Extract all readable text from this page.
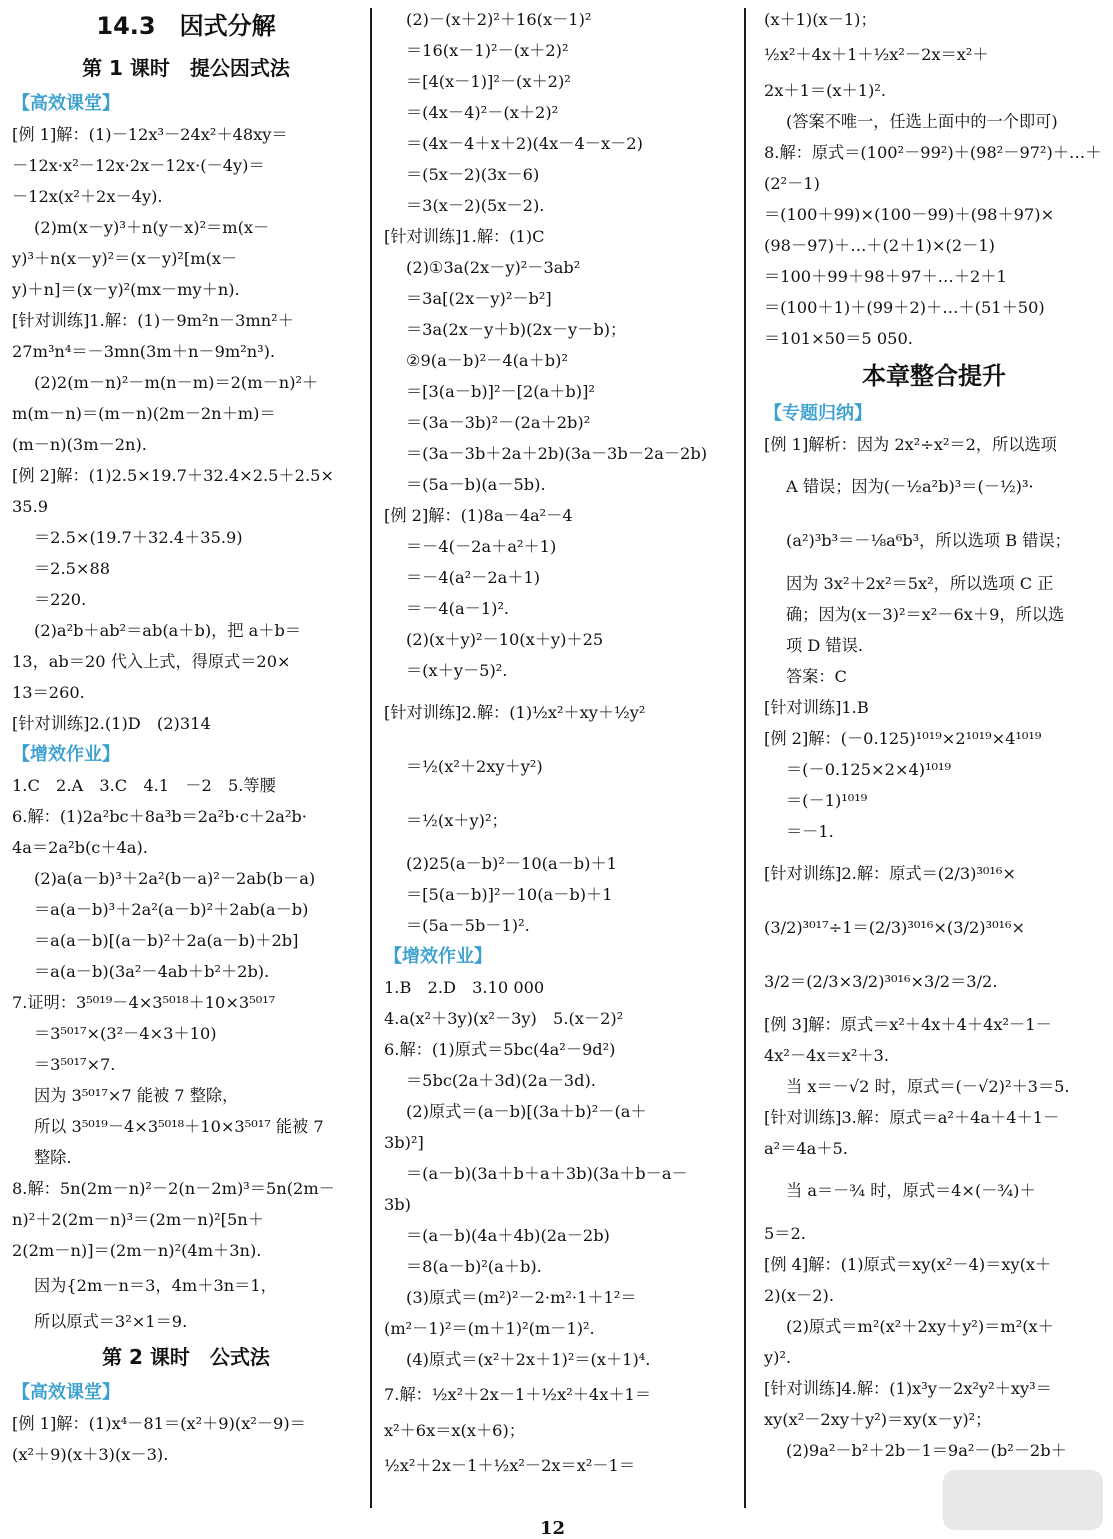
14.3　因式分解
第 1 课时　提公因式法
【高效课堂】
[例 1]解：(1)－12x³－24x²＋48xy＝
－12x·x²－12x·2x－12x·(－4y)＝
－12x(x²＋2x－4y).
(2)m(x－y)³＋n(y－x)²＝m(x－
y)³＋n(x－y)²＝(x－y)²[m(x－
y)＋n]＝(x－y)²(mx－my＋n).
[针对训练]1.解：(1)－9m²n－3mn²＋
27m³n⁴＝－3mn(3m＋n－9m²n³).
(2)2(m－n)²－m(n－m)＝2(m－n)²＋
m(m－n)＝(m－n)(2m－2n＋m)＝
(m－n)(3m－2n).
[例 2]解：(1)2.5×19.7＋32.4×2.5＋2.5×
35.9
＝2.5×(19.7＋32.4＋35.9)
＝2.5×88
＝220.
(2)a²b＋ab²＝ab(a＋b)，把 a＋b＝
13，ab＝20 代入上式，得原式＝20×
13＝260.
[针对训练]2.(1)D　(2)314
【增效作业】
1.C　2.A　3.C　4.1　－2　5.等腰
6.解：(1)2a²bc＋8a³b＝2a²b·c＋2a²b·
4a＝2a²b(c＋4a).
(2)a(a－b)³＋2a²(b－a)²－2ab(b－a)
＝a(a－b)³＋2a²(a－b)²＋2ab(a－b)
＝a(a－b)[(a－b)²＋2a(a－b)＋2b]
＝a(a－b)(3a²－4ab＋b²＋2b).
7.证明：3⁵⁰¹⁹－4×3⁵⁰¹⁸＋10×3⁵⁰¹⁷
＝3⁵⁰¹⁷×(3²－4×3＋10)
＝3⁵⁰¹⁷×7.
因为 3⁵⁰¹⁷×7 能被 7 整除，
所以 3⁵⁰¹⁹－4×3⁵⁰¹⁸＋10×3⁵⁰¹⁷ 能被 7
整除.
8.解：5n(2m－n)²－2(n－2m)³＝5n(2m－
n)²＋2(2m－n)³＝(2m－n)²[5n＋
2(2m－n)]＝(2m－n)²(4m＋3n).
因为{2m－n＝3，4m＋3n＝1，
所以原式＝3²×1＝9.
第 2 课时　公式法
【高效课堂】
[例 1]解：(1)x⁴－81＝(x²＋9)(x²－9)＝
(x²＋9)(x＋3)(x－3).
(2)－(x＋2)²＋16(x－1)²
＝16(x－1)²－(x＋2)²
＝[4(x－1)]²－(x＋2)²
＝(4x－4)²－(x＋2)²
＝(4x－4＋x＋2)(4x－4－x－2)
＝(5x－2)(3x－6)
＝3(x－2)(5x－2).
[针对训练]1.解：(1)C
(2)①3a(2x－y)²－3ab²
＝3a[(2x－y)²－b²]
＝3a(2x－y＋b)(2x－y－b)；
②9(a－b)²－4(a＋b)²
＝[3(a－b)]²－[2(a＋b)]²
＝(3a－3b)²－(2a＋2b)²
＝(3a－3b＋2a＋2b)(3a－3b－2a－2b)
＝(5a－b)(a－5b).
[例 2]解：(1)8a－4a²－4
＝－4(－2a＋a²＋1)
＝－4(a²－2a＋1)
＝－4(a－1)².
(2)(x＋y)²－10(x＋y)＋25
＝(x＋y－5)².
[针对训练]2.解：(1)½x²＋xy＋½y²
＝½(x²＋2xy＋y²)
＝½(x＋y)²；
(2)25(a－b)²－10(a－b)＋1
＝[5(a－b)]²－10(a－b)＋1
＝(5a－5b－1)².
【增效作业】
1.B　2.D　3.10 000
4.a(x²＋3y)(x²－3y)　5.(x－2)²
6.解：(1)原式＝5bc(4a²－9d²)
＝5bc(2a＋3d)(2a－3d).
(2)原式＝(a－b)[(3a＋b)²－(a＋
3b)²]
＝(a－b)(3a＋b＋a＋3b)(3a＋b－a－
3b)
＝(a－b)(4a＋4b)(2a－2b)
＝8(a－b)²(a＋b).
(3)原式＝(m²)²－2·m²·1＋1²＝
(m²－1)²＝(m＋1)²(m－1)².
(4)原式＝(x²＋2x＋1)²＝(x＋1)⁴.
7.解：½x²＋2x－1＋½x²＋4x＋1＝
x²＋6x＝x(x＋6)；
½x²＋2x－1＋½x²－2x＝x²－1＝
(x＋1)(x－1)；
½x²＋4x＋1＋½x²－2x＝x²＋
2x＋1＝(x＋1)².
(答案不唯一，任选上面中的一个即可)
8.解：原式＝(100²－99²)＋(98²－97²)＋…＋
(2²－1)
＝(100＋99)×(100－99)＋(98＋97)×
(98－97)＋…＋(2＋1)×(2－1)
＝100＋99＋98＋97＋…＋2＋1
＝(100＋1)＋(99＋2)＋…＋(51＋50)
＝101×50＝5 050.
本章整合提升
【专题归纳】
[例 1]解析：因为 2x²÷x²＝2，所以选项
A 错误；因为(－½a²b)³＝(－½)³·
(a²)³b³＝－⅛a⁶b³，所以选项 B 错误；
因为 3x²＋2x²＝5x²，所以选项 C 正
确；因为(x－3)²＝x²－6x＋9，所以选
项 D 错误.
答案：C
[针对训练]1.B
[例 2]解：(－0.125)¹⁰¹⁹×2¹⁰¹⁹×4¹⁰¹⁹
＝(－0.125×2×4)¹⁰¹⁹
＝(－1)¹⁰¹⁹
＝－1.
[针对训练]2.解：原式＝(2/3)³⁰¹⁶×
(3/2)³⁰¹⁷÷1＝(2/3)³⁰¹⁶×(3/2)³⁰¹⁶×
3/2＝(2/3×3/2)³⁰¹⁶×3/2＝3/2.
[例 3]解：原式＝x²＋4x＋4＋4x²－1－
4x²－4x＝x²＋3.
当 x＝－√2 时，原式＝(－√2)²＋3＝5.
[针对训练]3.解：原式＝a²＋4a＋4＋1－
a²＝4a＋5.
当 a＝－¾ 时，原式＝4×(－¾)＋
5＝2.
[例 4]解：(1)原式＝xy(x²－4)＝xy(x＋
2)(x－2).
(2)原式＝m²(x²＋2xy＋y²)＝m²(x＋
y)².
[针对训练]4.解：(1)x³y－2x²y²＋xy³＝
xy(x²－2xy＋y²)＝xy(x－y)²；
(2)9a²－b²＋2b－1＝9a²－(b²－2b＋
12
